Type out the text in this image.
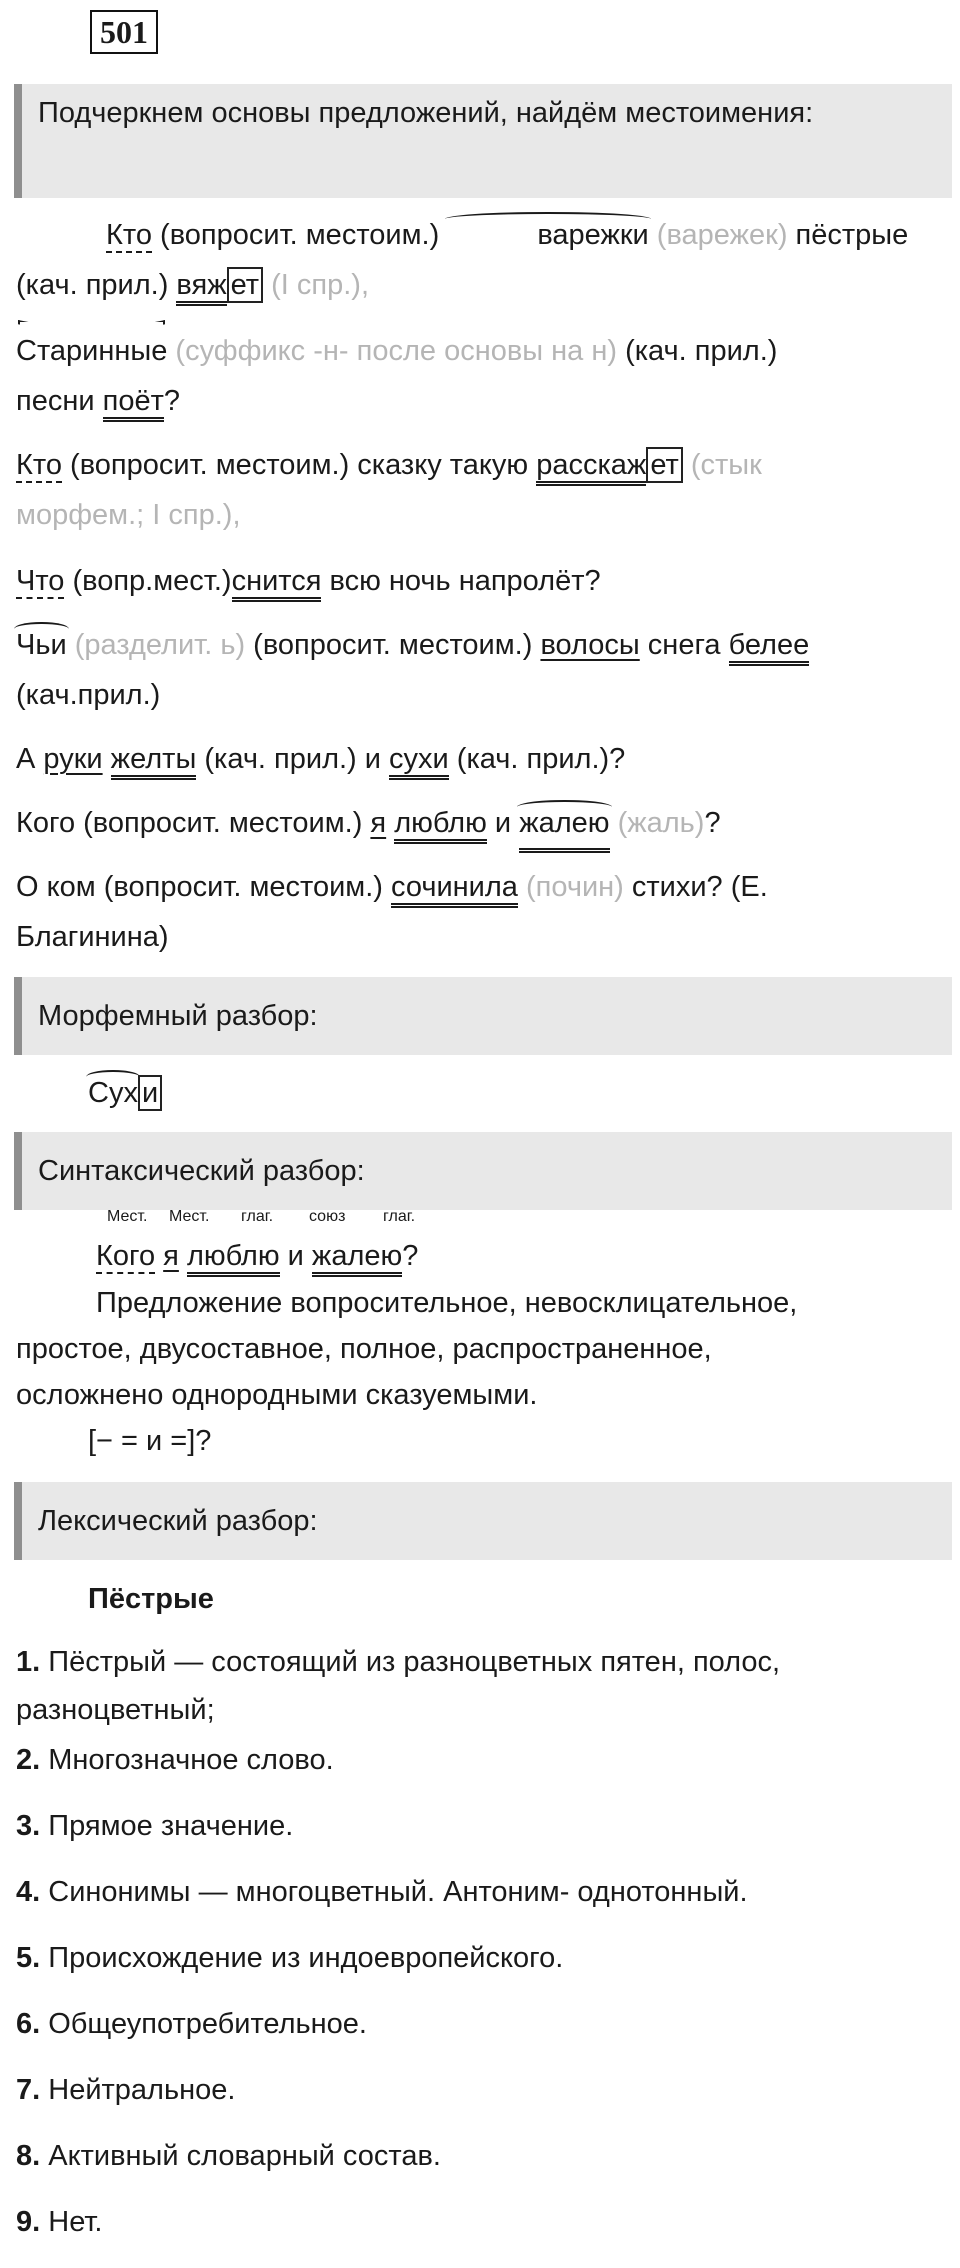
501
Подчеркнем основы предложений, найдём местоимения:
Кто (вопросит. местоим.)	варежки (варежек) пёстрые
(кач. прил.) вяж ет (I спр.),
Старинные (суффикс -н- после основы на н) (кач. прил.)
песни поёт?
Кто (вопросит. местоим.) сказку такую расскаж ет (стык
морфем.; I спр.),
Что (вопр.мест.)снится всю ночь напролёт?
Чьи (разделит. ь) (вопросит. местоим.) волосы снега белее
(кач.прил.)
А руки желты (кач. прил.) и сухи (кач. прил.)?
Кого (вопросит. местоим.) я люблю и жалею (жаль)?
О ком (вопросит. местоим.) сочинила (почин) стихи? (Е.
Благинина)
Морфемный разбор:
Сух и
Синтаксический разбор:
Мест. Мест. глаг. союз глаг.
Кого я люблю и жалею?
Предложение вопросительное, невосклицательное,
простое, двусоставное, полное, распространенное,
осложнено однородными сказуемыми.
[− = и =]?
Лексический разбор:
Пёстрые
1. Пёстрый — состоящий из разноцветных пятен, полос,
разноцветный;
2. Многозначное слово.
3. Прямое значение.
4. Синонимы — многоцветный. Антоним- однотонный.
5. Происхождение из индоевропейского.
6. Общеупотребительное.
7. Нейтральное.
8. Активный словарный состав.
9. Нет.
